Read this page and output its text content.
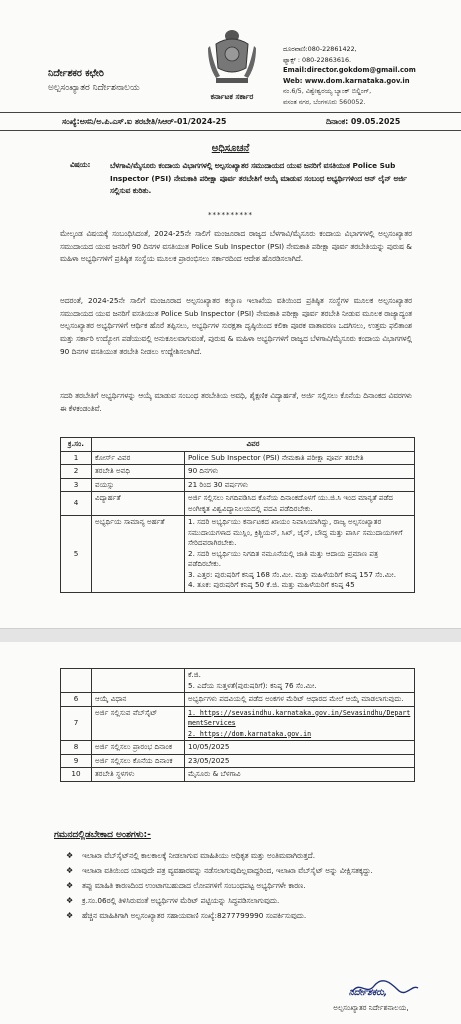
ನಿರ್ದೇಶಕರ ಕಛೇರಿ
ಅಲ್ಪಸಂಖ್ಯಾತರ ನಿರ್ದೇಶನಾಲಯ
ಕರ್ನಾಟಕ ಸರ್ಕಾರ
ದೂರವಾಣಿ:080-22861422,
ಫ್ಯಾಕ್ಸ್ : 080-22863616.
Email:director.gokdom@gmail.com
Web: www.dom.karnataka.gov.in
ನಂ.6/5, ವಿಶ್ವೇಶ್ವರಯ್ಯ ಬ್ಯಾಂಕ್ ಬಿಲ್ಡಿಂಗ್,
ವಸಂತ ನಗರ, ಬೆಂಗಳೂರು 560052.
ಸಂಖ್ಯೆ:ಅಸನಿ/ಅ.ಪಿ.ಎಸ್.ಐ ತರಬೇತಿ/ಸಿಆರ್-01/2024-25	ದಿನಾಂಕ: 09.05.2025
ಅಧಿಸೂಚನೆ
ವಿಷಯ:	ಬೆಳಗಾವಿ/ಮೈಸೂರು ಕಂದಾಯ ವಿಭಾಗಗಳಲ್ಲಿ ಅಲ್ಪಸಂಖ್ಯಾತರ ಸಮುದಾಯದ ಯುವ ಜನರಿಗೆ ವಸತಿಯುತ Police Sub Inspector (PSI) ನೇಮಕಾತಿ ಪರೀಕ್ಷಾ ಪೂರ್ವ ತರಬೇತಿಗೆ ಆಯ್ಕೆ ಮಾಡುವ ಸಂಬಂಧ ಅಭ್ಯರ್ಥಿಗಳಿಂದ ಆನ್ ಲೈನ್ ಅರ್ಜಿ ಸಲ್ಲಿಸುವ ಕುರಿತು.
**********
ಮೇಲ್ಕಂಡ ವಿಷಯಕ್ಕೆ ಸಂಬಂಧಿಸಿದಂತೆ, 2024-25ನೇ ಸಾಲಿಗೆ ಮಂಜೂರಾದ ರಾಜ್ಯದ ಬೆಳಗಾವಿ/ಮೈಸೂರು ಕಂದಾಯ ವಿಭಾಗಗಳಲ್ಲಿ ಅಲ್ಪಸಂಖ್ಯಾತರ ಸಮುದಾಯದ ಯುವ ಜನರಿಗೆ 90 ದಿನಗಳ ವಸತಿಯುತ Police Sub Inspector (PSI) ನೇಮಕಾತಿ ಪರೀಕ್ಷಾ ಪೂರ್ವ ತರಬೇತಿಯನ್ನು ಪುರುಷ & ಮಹಿಳಾ ಅಭ್ಯರ್ಥಿಗಳಿಗೆ ಪ್ರತಿಷ್ಠಿತ ಸಂಸ್ಥೆಯ ಮೂಲಕ ಪ್ರಾರಂಭಿಸಲು ಸರ್ಕಾರದಿಂದ ಆದೇಶ ಹೊರಡಿಸಲಾಗಿದೆ.
ಅದರಂತೆ, 2024-25ನೇ ಸಾಲಿಗೆ ಮಂಜೂರಾದ ಅಲ್ಪಸಂಖ್ಯಾತರ ಕಲ್ಯಾಣ ಇಲಾಖೆಯ ವತಿಯಿಂದ ಪ್ರತಿಷ್ಠಿತ ಸಂಸ್ಥೆಗಳ ಮೂಲಕ ಅಲ್ಪಸಂಖ್ಯಾತರ ಸಮುದಾಯದ ಯುವ ಜನರಿಗೆ ವಸತಿಯುತ Police Sub Inspector (PSI) ನೇಮಕಾತಿ ಪರೀಕ್ಷಾ ಪೂರ್ವ ತರಬೇತಿ ನೀಡುವ ಮೂಲಕ ರಾಜ್ಯಾದ್ಯಂತ ಅಲ್ಪಸಂಖ್ಯಾತರ ಅಭ್ಯರ್ಥಿಗಳಿಗೆ ಆರ್ಥಿಕ ಹೊರೆ ತಪ್ಪಿಸಲು, ಅಭ್ಯರ್ಥಿಗಳ ಸುರಕ್ಷತಾ ದೃಷ್ಠಿಯಿಂದ ಕಲಿಕಾ ಪೂರಕ ವಾತಾವರಣ ಒದಗಿಸಲು, ಉತ್ತಮ ಫಲಿತಾಂಶ ಮತ್ತು ಸರ್ಕಾರಿ ಉದ್ಯೋಗ ಪಡೆಯುವಲ್ಲಿ ಅನುಕೂಲವಾಗುವಂತೆ, ಪುರುಷ & ಮಹಿಳಾ ಅಭ್ಯರ್ಥಿಗಳಿಗೆ ರಾಜ್ಯದ ಬೆಳಗಾವಿ/ಮೈಸೂರು ಕಂದಾಯ ವಿಭಾಗಗಳಲ್ಲಿ 90 ದಿನಗಳ ವಸತಿಯುತ ತರಬೇತಿ ನೀಡಲು ಉದ್ದೇಶಿಸಲಾಗಿದೆ.
ಸದರಿ ತರಬೇತಿಗೆ ಅಭ್ಯರ್ಥಿಗಳನ್ನು ಆಯ್ಕೆ ಮಾಡುವ ಸಂಬಂಧ ತರಬೇತಿಯ ಅವಧಿ, ಶೈಕ್ಷಣಿಕ ವಿದ್ಯಾರ್ಹತೆ, ಅರ್ಜಿ ಸಲ್ಲಿಸಲು ಕೊನೆಯ ದಿನಾಂಕದ ವಿವರಗಳು ಈ ಕೆಳಕಂಡಂತಿವೆ.
ಕ್ರ.ಸಂ.	ವಿವರ	
1	ಕೋರ್ಸ್ ವಿವರ	Police Sub Inspector (PSI) ನೇಮಕಾತಿ ಪರೀಕ್ಷಾ ಪೂರ್ವ ತರಬೇತಿ
2	ತರಬೇತಿ ಅವಧಿ	90 ದಿನಗಳು
3	ವಯಸ್ಸು	21 ರಿಂದ 30 ವರ್ಷಗಳು
4	ವಿದ್ಯಾರ್ಹತೆ	ಅರ್ಜಿ ಸಲ್ಲಿಸಲು ನಿಗದಿಪಡಿಸಿದ ಕೊನೆಯ ದಿನಾಂಕದೊಳಗೆ ಯು.ಜಿ.ಸಿ ಇಂದ ಮಾನ್ಯತೆ ಪಡೆದ ಅಂಗೀಕೃತ ವಿಶ್ವವಿದ್ಯಾನಿಲಯದಲ್ಲಿ ಪದವಿ ಪಡೆದಿರಬೇಕು.
5	ಅಭ್ಯರ್ಥಿಯ ಸಾಮಾನ್ಯ ಅರ್ಹತೆ	1. ಸದರಿ ಅಭ್ಯರ್ಥಿಯು ಕರ್ನಾಟಕದ ಖಾಯಂ ನಿವಾಸಿಯಾಗಿದ್ದು, ರಾಜ್ಯ ಅಲ್ಪಸಂಖ್ಯಾತರ ಸಮುದಾಯಗಳಾದ ಮುಸ್ಲಿಂ, ಕ್ರಿಶ್ಚಿಯನ್, ಸಿಖ್, ಜೈನ್, ಬೌದ್ಧ ಮತ್ತು ಪಾರ್ಸಿ ಸಮುದಾಯಗಳಿಗೆ ಸೇರಿದವರಾಗಿರಬೇಕು.
2. ಸದರಿ ಅಭ್ಯರ್ಥಿಯು ನಿಗದಿತ ನಮೂನೆಯಲ್ಲಿ ಜಾತಿ ಮತ್ತು ಆದಾಯ ಪ್ರಮಾಣ ಪತ್ರ ಪಡೆದಿರಬೇಕು.
3. ಎತ್ತರ: ಪುರುಷರಿಗೆ ಕನಿಷ್ಠ 168 ಸೆಂ.ಮೀ. ಮತ್ತು ಮಹಿಳೆಯರಿಗೆ ಕನಿಷ್ಠ 157 ಸೆಂ.ಮೀ.
4. ತೂಕ: ಪುರುಷರಿಗೆ ಕನಿಷ್ಠ 50 ಕೆ.ಜಿ. ಮತ್ತು ಮಹಿಳೆಯರಿಗೆ ಕನಿಷ್ಠ 45

		ಕೆ.ಜಿ.
5. ಎದೆಯ ಸುತ್ತಳತೆ(ಪುರುಷರಿಗೆ): ಕನಿಷ್ಠ 76 ಸೆಂ.ಮೀ.

6	ಆಯ್ಕೆ ವಿಧಾನ	ಅಭ್ಯರ್ಥಿಗಳು ಪದವಿಯಲ್ಲಿ ಪಡೆದ ಅಂಕಗಳ ಮೆರಿಟ್ ಆಧಾರದ ಮೇಲೆ ಆಯ್ಕೆ ಮಾಡಲಾಗುವುದು.
7	ಅರ್ಜಿ ಸಲ್ಲಿಸುವ ವೆಬ್‌ಸೈಟ್	1. https://sevasindhu.karnataka.gov.in/Sevasindhu/DepartmentServices
2. https://dom.karnataka.gov.in

8	ಅರ್ಜಿ ಸಲ್ಲಿಸಲು ಪ್ರಾರಂಭ ದಿನಾಂಕ	10/05/2025
9	ಅರ್ಜಿ ಸಲ್ಲಿಸಲು ಕೊನೆಯ ದಿನಾಂಕ	23/05/2025
10	ತರಬೇತಿ ಸ್ಥಳಗಳು	ಮೈಸೂರು & ಬೆಳಗಾವಿ
ಗಮನದಲ್ಲಿಡಬೇಕಾದ ಅಂಶಗಳು:-
❖ ಇಲಾಖಾ ವೆಬ್‌ಸೈಟ್‌ನಲ್ಲಿ ಕಾಲಕಾಲಕ್ಕೆ ನೀಡಲಾಗುವ ಮಾಹಿತಿಯು ಅಧಿಕೃತ ಮತ್ತು ಅಂತಿಮವಾಗಿರುತ್ತದೆ.
❖ ಇಲಾಖಾ ವತಿಯಿಂದ ಯಾವುದೇ ಪತ್ರ ವ್ಯವಹಾರವನ್ನು ನಡೆಸಲಾಗುವುದಿಲ್ಲವಾದ್ದರಿಂದ, ಇಲಾಖಾ ವೆಬ್‌ಸೈಟ್ ಅನ್ನು ವೀಕ್ಷಿಸತಕ್ಕದ್ದು.
❖ ತಪ್ಪು ಮಾಹಿತಿ ಕಾರಣದಿಂದ ಉಂಟಾಗಬಹುದಾದ ಲೋಪಗಳಿಗೆ ಸಂಬಂಧಪಟ್ಟ ಅಭ್ಯರ್ಥಿಗಳೇ ಕಾರಣ.
❖ ಕ್ರ.ಸಂ.06ರಲ್ಲಿ ತಿಳಿಸಿರುವಂತೆ ಅಭ್ಯರ್ಥಿಗಳ ಮೆರಿಟ್ ಪಟ್ಟಿಯನ್ನು ಸಿದ್ಧಪಡಿಸಲಾಗುವುದು.
❖ ಹೆಚ್ಚಿನ ಮಾಹಿತಿಗಾಗಿ ಅಲ್ಪಸಂಖ್ಯಾತರ ಸಹಾಯವಾಣಿ ಸಂಖ್ಯೆ:8277799990 ಸಂಪರ್ಕಿಸುವುದು.
ನಿರ್ದೇಶಕರು,
ಅಲ್ಪಸಂಖ್ಯಾತರ ನಿರ್ದೇಶನಾಲಯ,
